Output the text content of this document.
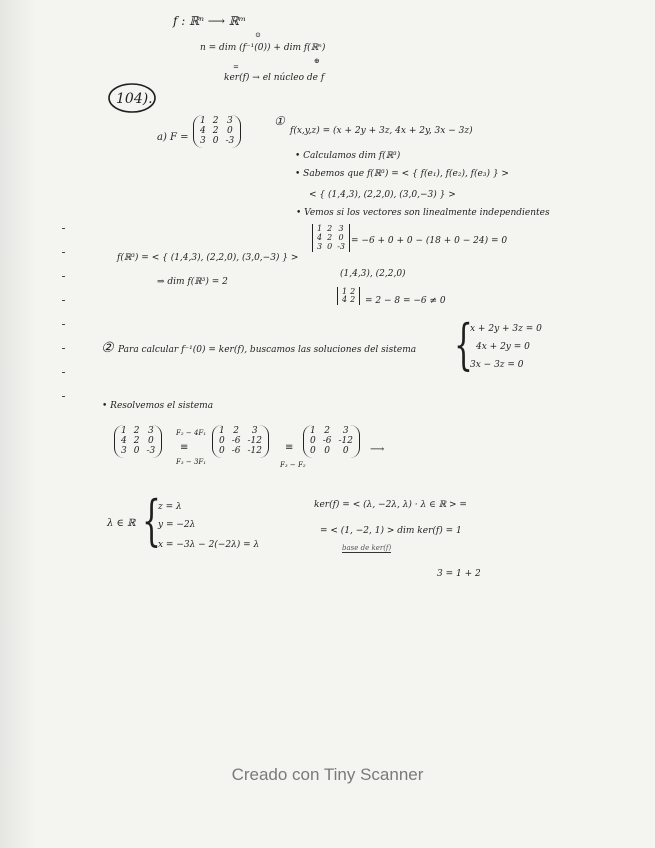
f : ℝⁿ ⟶ ℝᵐ
⊙
n = dim (f⁻¹(0)) + dim f(ℝⁿ)
⊕
=
ker(f) → el núcleo de f
104).
a) F =
1 2 3
4 2 0
3 0 -3
①
f(x,y,z) = (x + 2y + 3z, 4x + 2y, 3x − 3z)
• Calculamos dim f(ℝ³)
• Sabemos que f(ℝ³) = < { f(e₁), f(e₂), f(e₃) } >
< { (1,4,3), (2,2,0), (3,0,−3) } >
• Vemos si los vectores son linealmente independientes
1 2 3
4 2 0
3 0 -3
= −6 + 0 + 0 − (18 + 0 − 24) = 0
f(ℝ³) = < { (1,4,3), (2,2,0), (3,0,−3) } >
⇒ dim f(ℝ³) = 2
(1,4,3), (2,2,0)
1 2
4 2 = 2 − 8 = −6 ≠ 0
② Para calcular f⁻¹(0) = ker(f), buscamos las soluciones del sistema {
x + 2y + 3z = 0
4x + 2y = 0
3x − 3z = 0
• Resolvemos el sistema
1 2 3
4 2 0
3 0 -3
F₂ − 4F₁
≡
F₃ − 3F₁
1 2	3
0 -6 -12
0 -6 -12 ≡
F₃ − F₂
1 2	3
0 -6 -12
0 0	0	⟶
λ ∈ ℝ {
z = λ
y = −2λ
x = −3λ − 2(−2λ) = λ
ker(f) = < (λ, −2λ, λ) · λ ∈ ℝ > =
= < (1, −2, 1) > dim ker(f) = 1
base de ker(f)
3 = 1 + 2
Creado con Tiny Scanner
